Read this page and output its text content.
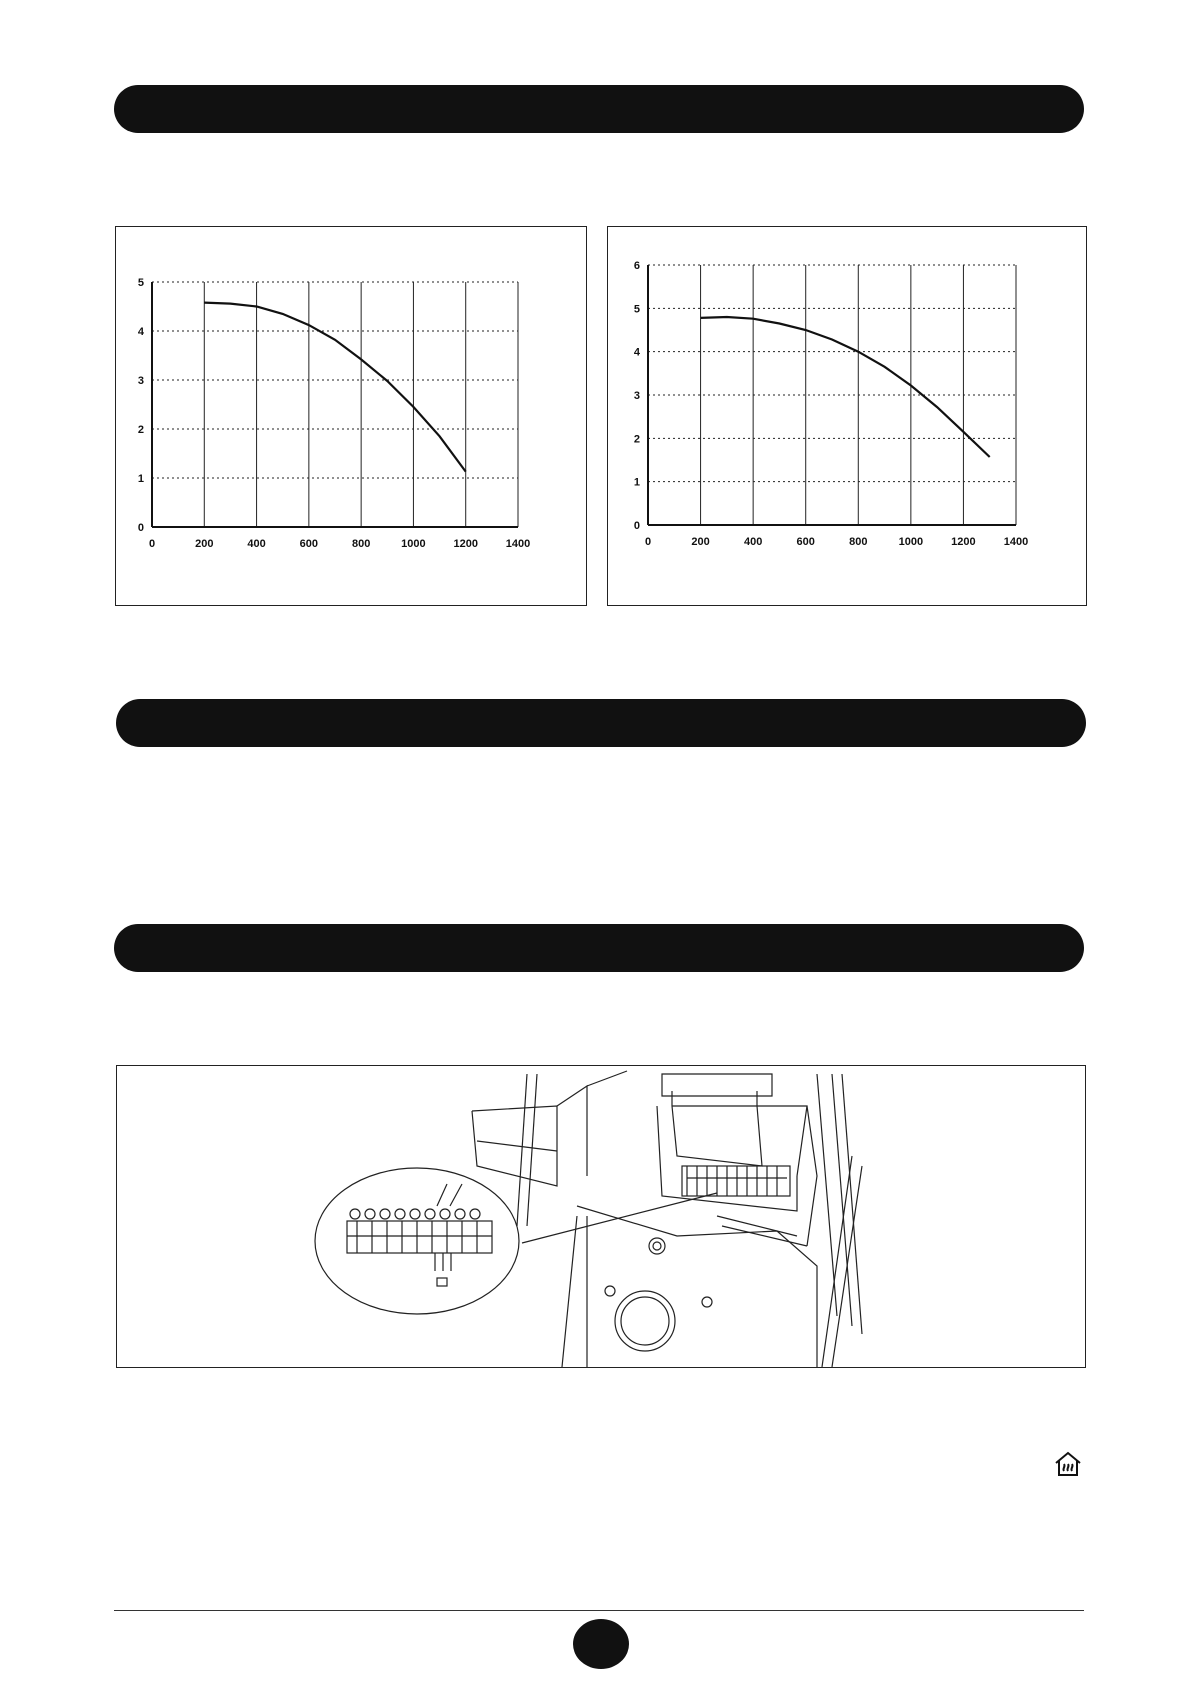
0
1
2
3
4
5
0	200	400	600	800	1000	1200	1400
0
1
2
3
4
5
6
0	200	400	600	800	1000	1200	1400
